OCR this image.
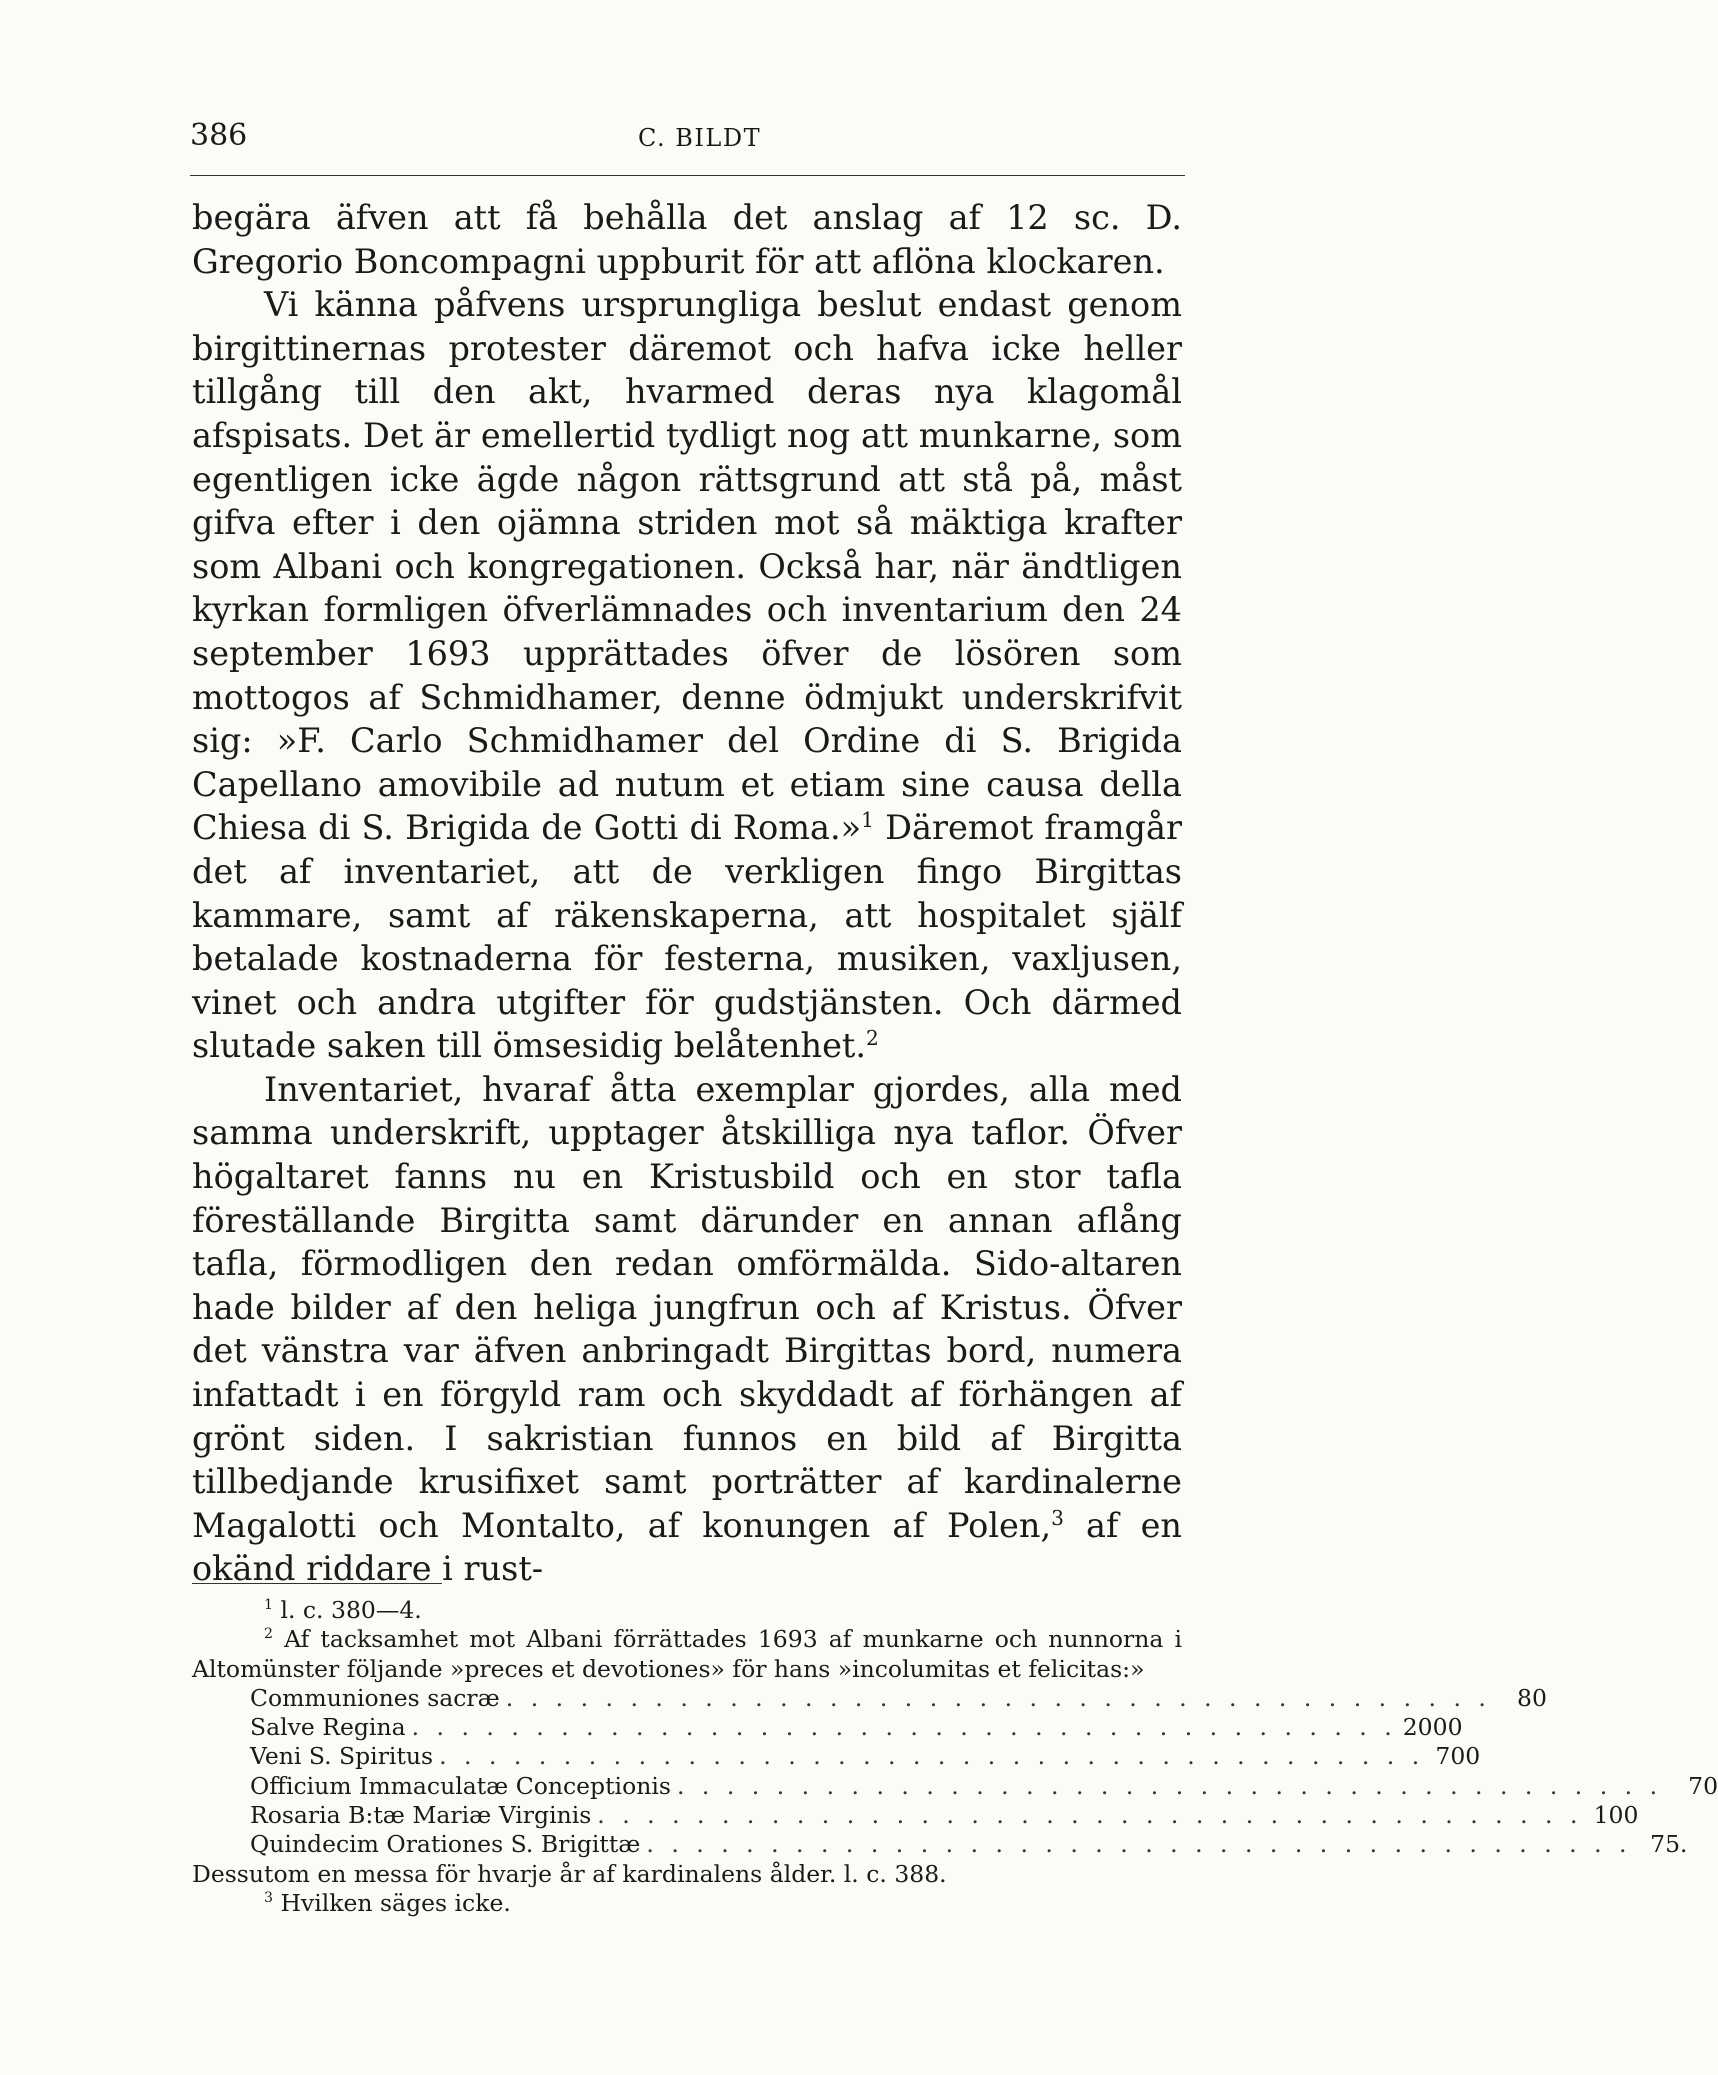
386	C. BILDT

begära äfven att få behålla det anslag af 12 sc. D. Gregorio Boncompagni uppburit för att aflöna klockaren.

Vi känna påfvens ursprungliga beslut endast genom birgittinernas protester däremot och hafva icke heller tillgång till den akt, hvarmed deras nya klagomål afspisats. Det är emellertid tydligt nog att munkarne, som egentligen icke ägde någon rättsgrund att stå på, måst gifva efter i den ojämna striden mot så mäktiga krafter som Albani och kongregationen. Också har, när ändtligen kyrkan formligen öfverlämnades och inventarium den 24 september 1693 upprättades öfver de lösören som mottogos af Schmidhamer, denne ödmjukt underskrifvit sig: »F. Carlo Schmidhamer del Ordine di S. Brigida Capellano amovibile ad nutum et etiam sine causa della Chiesa di S. Brigida de Gotti di Roma.»$^1$ Däremot framgår det af inventariet, att de verkligen fingo Birgittas kammare, samt af räkenskaperna, att hospitalet själf betalade kostnaderna för festerna, musiken, vaxljusen, vinet och andra utgifter för gudstjänsten. Och därmed slutade saken till ömsesidig belåtenhet.$^2$

Inventariet, hvaraf åtta exemplar gjordes, alla med samma underskrift, upptager åtskilliga nya taflor. Öfver högaltaret fanns nu en Kristusbild och en stor tafla föreställande Birgitta samt därunder en annan aflång tafla, förmodligen den redan omförmälda. Sido-altaren hade bilder af den heliga jungfrun och af Kristus. Öfver det vänstra var äfven anbringadt Birgittas bord, numera infattadt i en förgyld ram och skyddadt af förhängen af grönt siden. I sakristian funnos en bild af Birgitta tillbedjande krusifixet samt porträtter af kardinalerne Magalotti och Montalto, af konungen af Polen,$^3$ af en okänd riddare i rust-

$^1$ l. c. 380—4.

$^2$ Af tacksamhet mot Albani förrättades 1693 af munkarne och nunnorna i Altomünster följande »preces et devotiones» för hans »incolumitas et felicitas:»

Communiones sacræ . . . . . . . . . . . . . . . . . . . . . . . . . . . . . . . . . . . . . . . .	80
Salve Regina . . . . . . . . . . . . . . . . . . . . . . . . . . . . . . . . . . . . . . . . 2000
Veni S. Spiritus . . . . . . . . . . . . . . . . . . . . . . . . . . . . . . . . . . . . . . . . 700
Officium Immaculatæ Conceptionis . . . . . . . . . . . . . . . . . . . . . . . . . . . . . . . . . . . . . . . .	70
Rosaria B:tæ Mariæ Virginis . . . . . . . . . . . . . . . . . . . . . . . . . . . . . . . . . . . . . . . . 100
Quindecim Orationes S. Brigittæ . . . . . . . . . . . . . . . . . . . . . . . . . . . . . . . . . . . . . . . . 75.

Dessutom en messa för hvarje år af kardinalens ålder. l. c. 388.

$^3$ Hvilken säges icke.
